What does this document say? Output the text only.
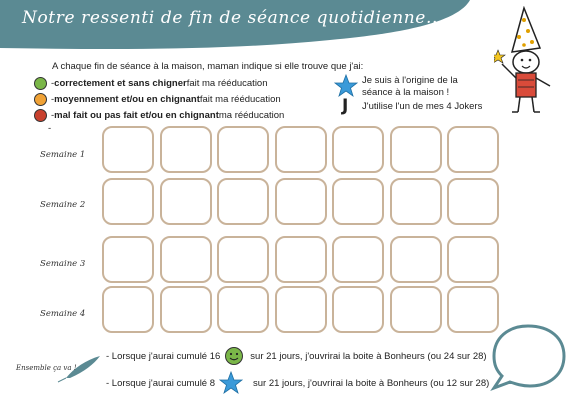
Notre ressenti de fin de séance quotidienne...
A chaque fin de séance à la maison, maman indique si elle trouve que j'ai:
- correctement et sans chigner fait ma rééducation
- moyennement et/ou en chignant fait ma rééducation
- mal fait ou pas fait et/ou en chignant ma rééducation
-
Je suis à l'origine de la séance à la maison !
J J'utilise l'un de mes 4 Jokers
Semaine 1
Semaine 2
Semaine 3
Semaine 4
- Lorsque j'aurai cumulé 16	sur 21 jours, j'ouvrirai la boite à Bonheurs (ou 24 sur 28)
- Lorsque j'aurai cumulé 8	sur 21 jours, j'ouvrirai la boite à Bonheurs (ou 12 sur 28)
Ensemble ça va !
